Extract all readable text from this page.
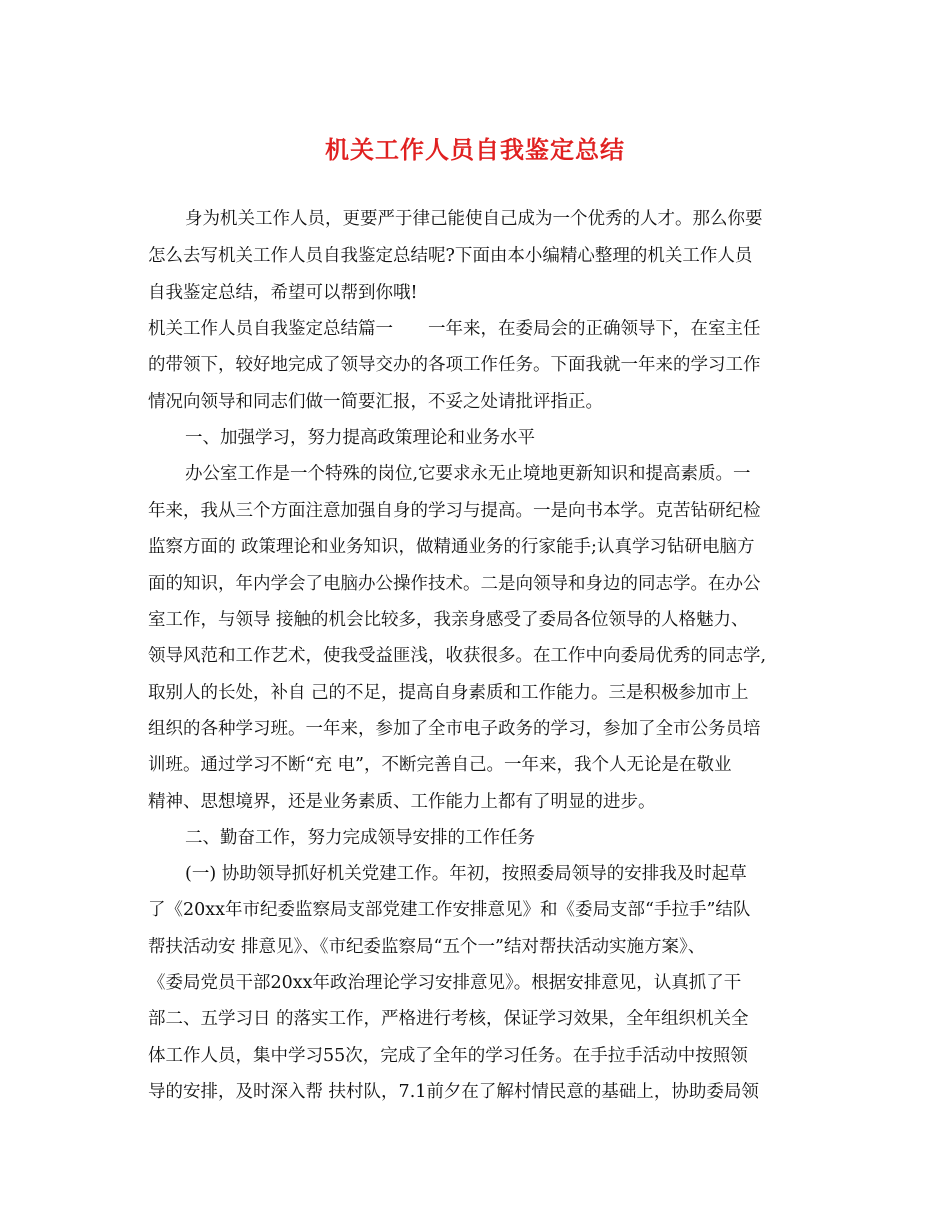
机关工作人员自我鉴定总结
身为机关工作人员，更要严于律己能使自己成为一个优秀的人才。那么你要
怎么去写机关工作人员自我鉴定总结呢?下面由本小编精心整理的机关工作人员
自我鉴定总结，希望可以帮到你哦!
机关工作人员自我鉴定总结篇一　　一年来，在委局会的正确领导下，在室主任
的带领下，较好地完成了领导交办的各项工作任务。下面我就一年来的学习工作
情况向领导和同志们做一简要汇报，不妥之处请批评指正。
一、加强学习，努力提高政策理论和业务水平
办公室工作是一个特殊的岗位,它要求永无止境地更新知识和提高素质。一
年来，我从三个方面注意加强自身的学习与提高。一是向书本学。克苦钻研纪检
监察方面的 政策理论和业务知识，做精通业务的行家能手;认真学习钻研电脑方
面的知识，年内学会了电脑办公操作技术。二是向领导和身边的同志学。在办公
室工作，与领导 接触的机会比较多，我亲身感受了委局各位领导的人格魅力、
领导风范和工作艺术，使我受益匪浅，收获很多。在工作中向委局优秀的同志学,
取别人的长处，补自 己的不足，提高自身素质和工作能力。三是积极参加市上
组织的各种学习班。一年来，参加了全市电子政务的学习，参加了全市公务员培
训班。通过学习不断“充 电”，不断完善自己。一年来，我个人无论是在敬业
精神、思想境界，还是业务素质、工作能力上都有了明显的进步。
二、勤奋工作，努力完成领导安排的工作任务
(一) 协助领导抓好机关党建工作。年初，按照委局领导的安排我及时起草
了《20xx年市纪委监察局支部党建工作安排意见》和《委局支部“手拉手”结队
帮扶活动安 排意见》、《市纪委监察局“五个一”结对帮扶活动实施方案》、
《委局党员干部20xx年政治理论学习安排意见》。根据安排意见，认真抓了干
部二、五学习日 的落实工作，严格进行考核，保证学习效果，全年组织机关全
体工作人员，集中学习55次，完成了全年的学习任务。在手拉手活动中按照领
导的安排，及时深入帮 扶村队，7.1前夕在了解村情民意的基础上，协助委局领
